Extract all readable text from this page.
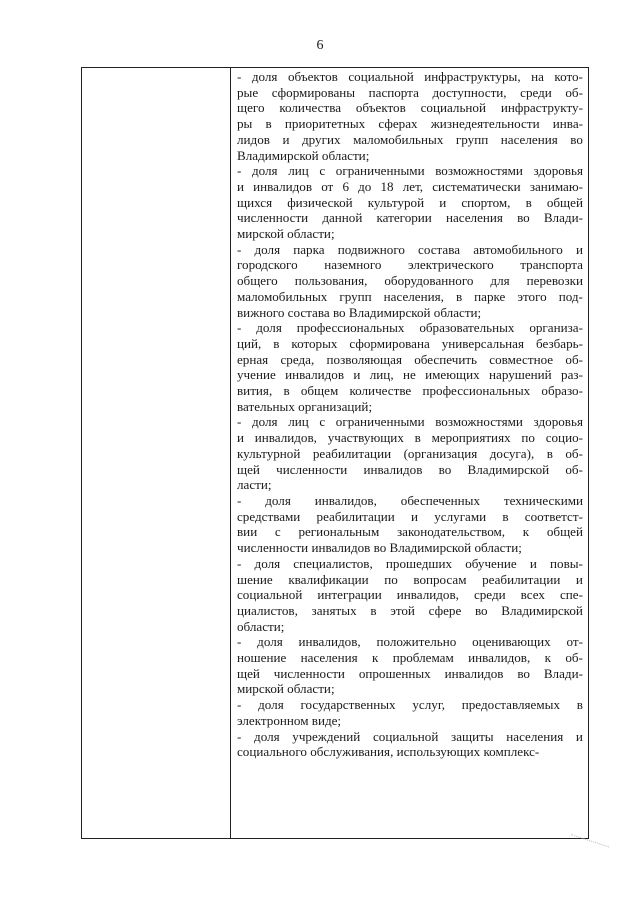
6
- доля объектов социальной инфраструктуры, на кото-
рые сформированы паспорта доступности, среди об-
щего количества объектов социальной инфраструкту-
ры в приоритетных сферах жизнедеятельности инва-
лидов и других маломобильных групп населения во
Владимирской области;
- доля лиц с ограниченными возможностями здоровья
и инвалидов от 6 до 18 лет, систематически занимаю-
щихся физической культурой и спортом, в общей
численности данной категории населения во Влади-
мирской области;
- доля парка подвижного состава автомобильного и
городского наземного электрического транспорта
общего пользования, оборудованного для перевозки
маломобильных групп населения, в парке этого под-
вижного состава во Владимирской области;
- доля профессиональных образовательных организа-
ций, в которых сформирована универсальная безбарь-
ерная среда, позволяющая обеспечить совместное об-
учение инвалидов и лиц, не имеющих нарушений раз-
вития, в общем количестве профессиональных образо-
вательных организаций;
- доля лиц с ограниченными возможностями здоровья
и инвалидов, участвующих в мероприятиях по социо-
культурной реабилитации (организация досуга), в об-
щей численности инвалидов во Владимирской об-
ласти;
- доля инвалидов, обеспеченных техническими
средствами реабилитации и услугами в соответст-
вии с региональным законодательством, к общей
численности инвалидов во Владимирской области;
- доля специалистов, прошедших обучение и повы-
шение квалификации по вопросам реабилитации и
социальной интеграции инвалидов, среди всех спе-
циалистов, занятых в этой сфере во Владимирской
области;
- доля инвалидов, положительно оценивающих от-
ношение населения к проблемам инвалидов, к об-
щей численности опрошенных инвалидов во Влади-
мирской области;
- доля государственных услуг, предоставляемых в
электронном виде;
- доля учреждений социальной защиты населения и
социального обслуживания, использующих комплекс-
